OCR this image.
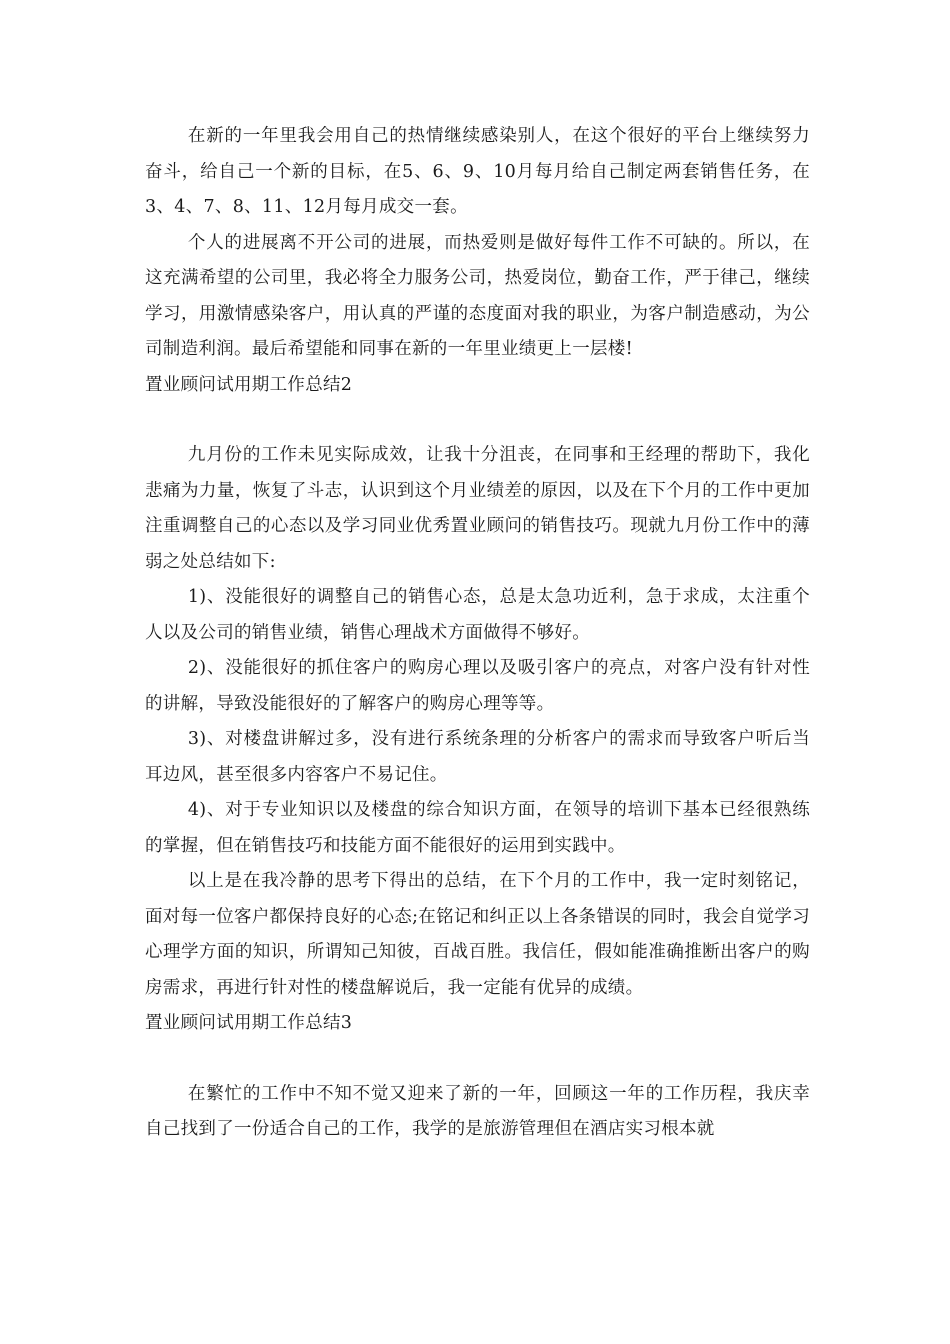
在新的一年里我会用自己的热情继续感染别人，在这个很好的平台上继续努力奋斗，给自己一个新的目标，在5、6、9、10月每月给自己制定两套销售任务，在3、4、7、8、11、12月每月成交一套。

个人的进展离不开公司的进展，而热爱则是做好每件工作不可缺的。所以，在这充满希望的公司里，我必将全力服务公司，热爱岗位，勤奋工作，严于律己，继续学习，用激情感染客户，用认真的严谨的态度面对我的职业，为客户制造感动，为公司制造利润。最后希望能和同事在新的一年里业绩更上一层楼!

置业顾问试用期工作总结2

九月份的工作未见实际成效，让我十分沮丧，在同事和王经理的帮助下，我化悲痛为力量，恢复了斗志，认识到这个月业绩差的原因，以及在下个月的工作中更加注重调整自己的心态以及学习同业优秀置业顾问的销售技巧。现就九月份工作中的薄弱之处总结如下:

1)、没能很好的调整自己的销售心态，总是太急功近利，急于求成，太注重个人以及公司的销售业绩，销售心理战术方面做得不够好。

2)、没能很好的抓住客户的购房心理以及吸引客户的亮点，对客户没有针对性的讲解，导致没能很好的了解客户的购房心理等等。

3)、对楼盘讲解过多，没有进行系统条理的分析客户的需求而导致客户听后当耳边风，甚至很多内容客户不易记住。

4)、对于专业知识以及楼盘的综合知识方面，在领导的培训下基本已经很熟练的掌握，但在销售技巧和技能方面不能很好的运用到实践中。

以上是在我冷静的思考下得出的总结，在下个月的工作中，我一定时刻铭记，面对每一位客户都保持良好的心态;在铭记和纠正以上各条错误的同时，我会自觉学习心理学方面的知识，所谓知己知彼，百战百胜。我信任，假如能准确推断出客户的购房需求，再进行针对性的楼盘解说后，我一定能有优异的成绩。

置业顾问试用期工作总结3

在繁忙的工作中不知不觉又迎来了新的一年，回顾这一年的工作历程，我庆幸自己找到了一份适合自己的工作，我学的是旅游管理但在酒店实习根本就
